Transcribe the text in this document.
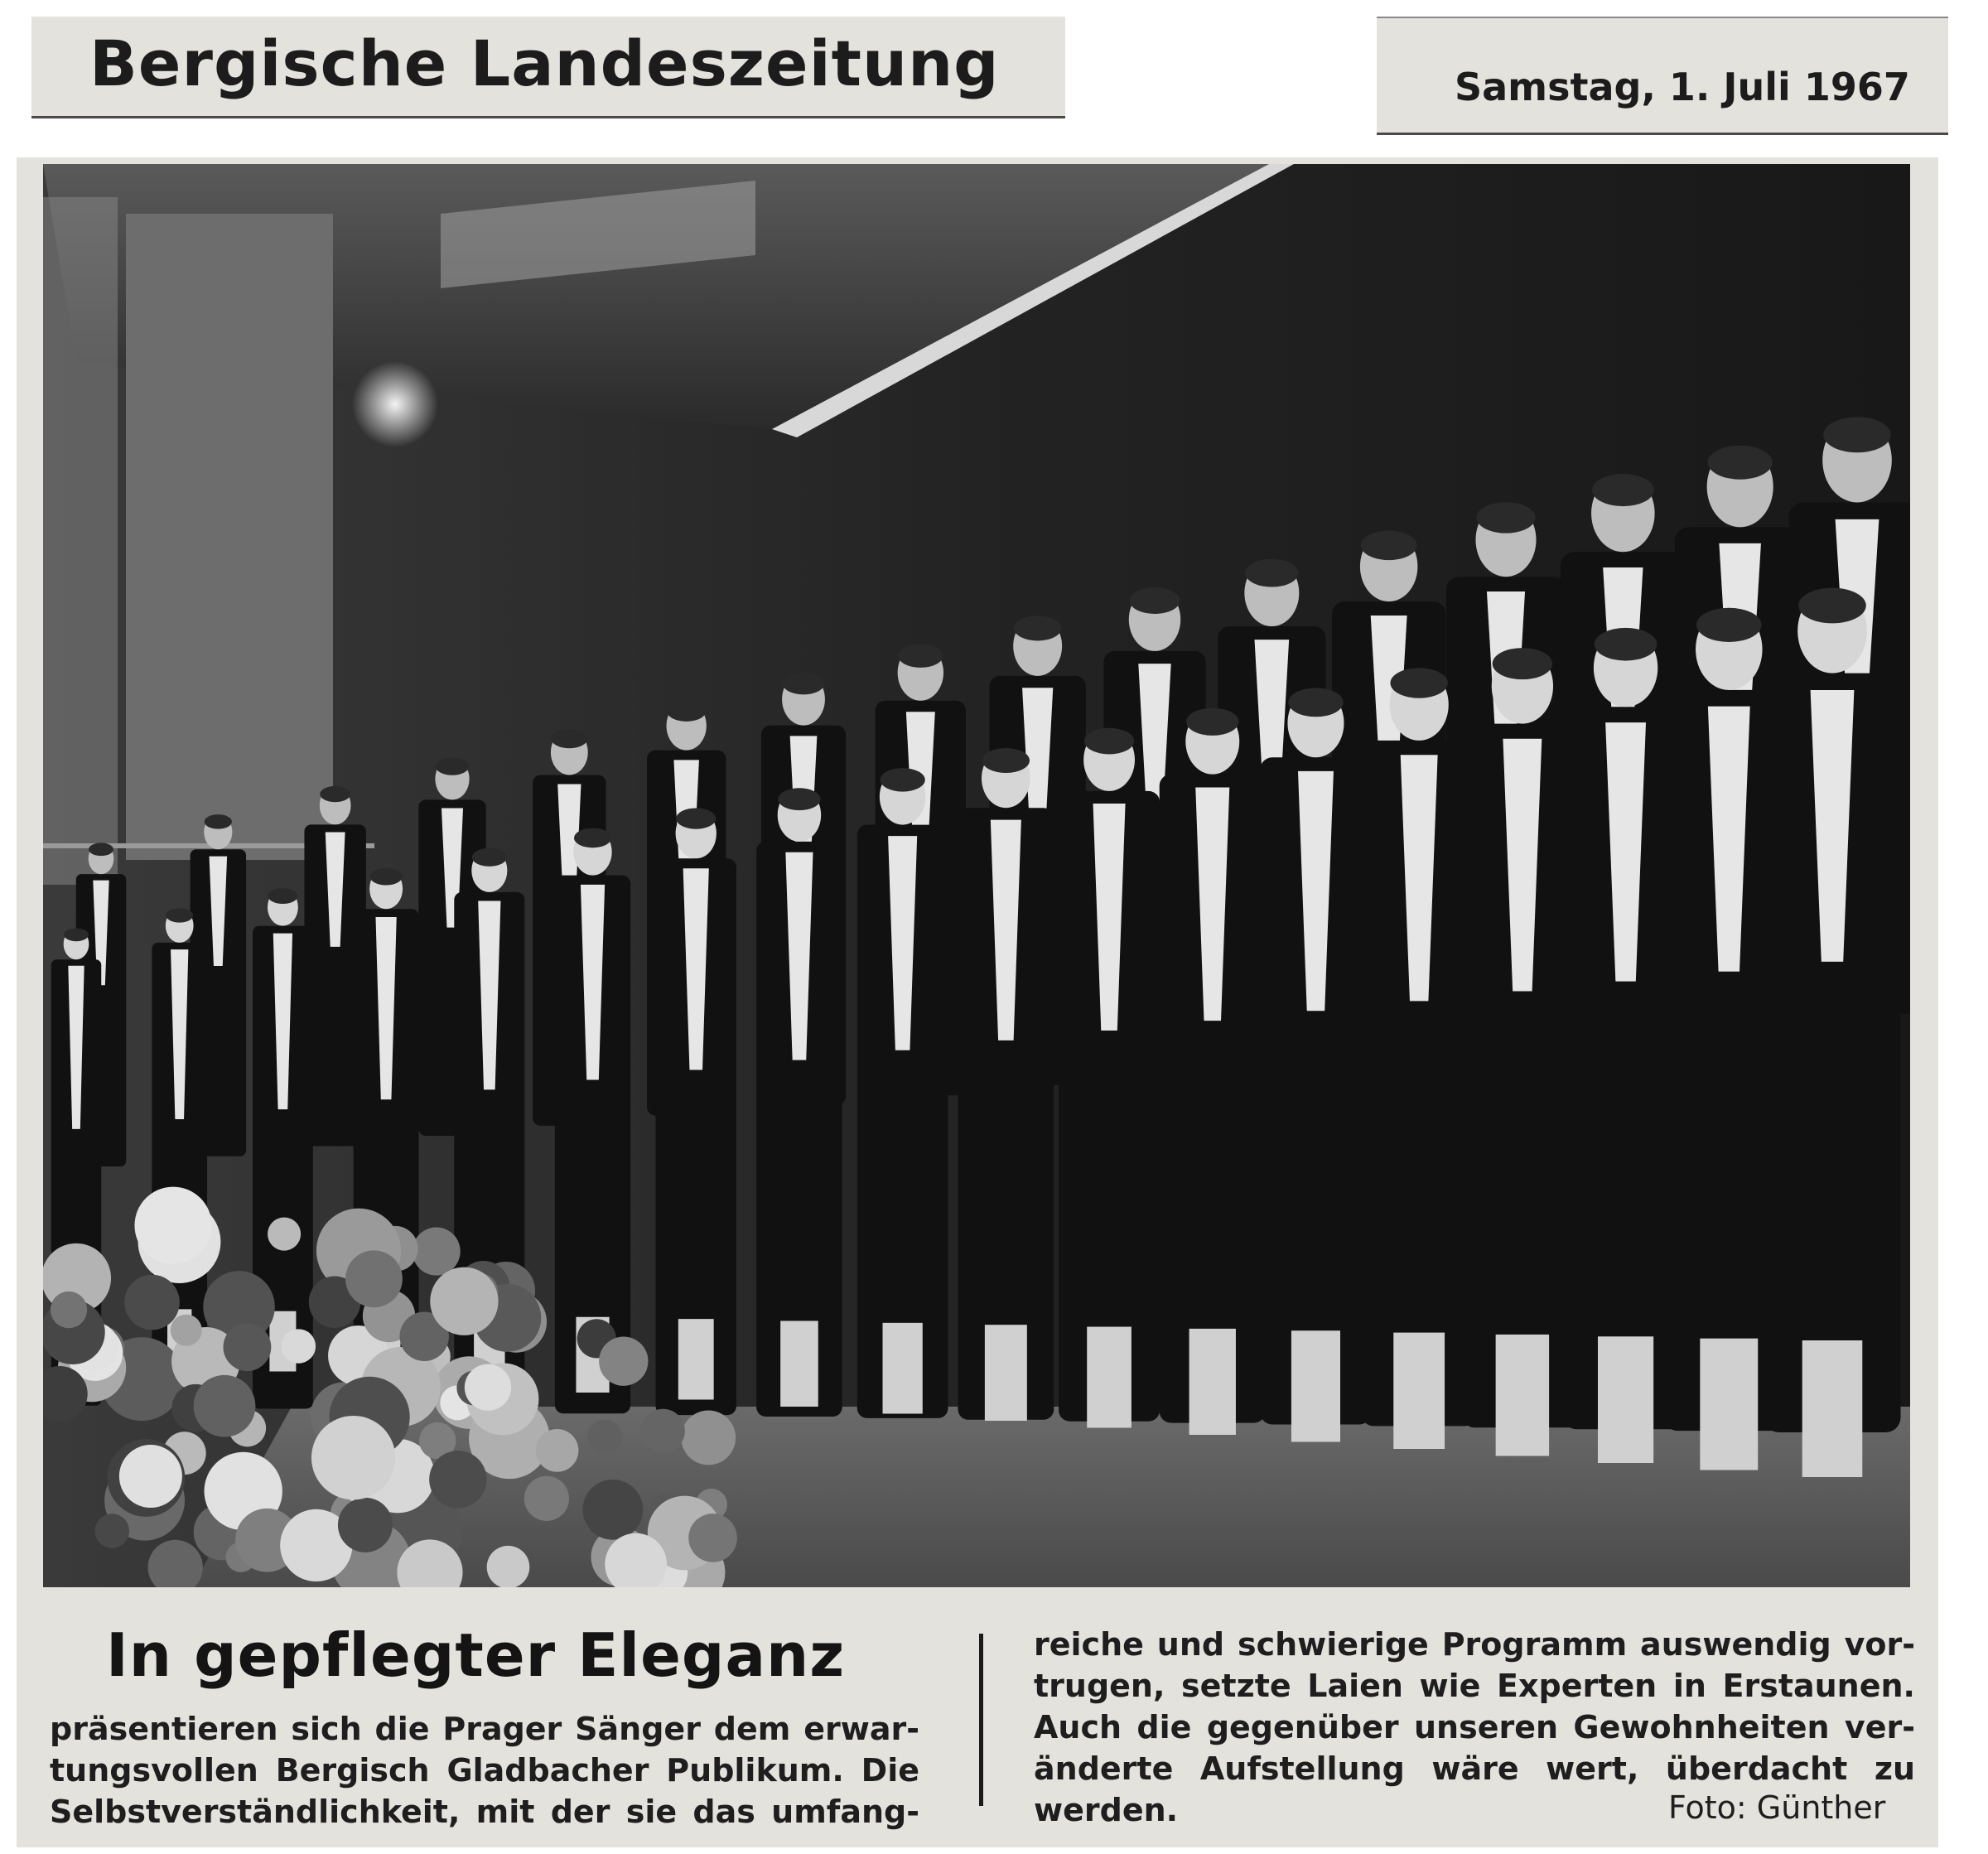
Bergische Landeszeitung	Samstag, 1. Juli 1967
In gepflegter Eleganz
präsentieren sich die Prager Sänger dem erwar-
tungsvollen Bergisch Gladbacher Publikum. Die
Selbstverständlichkeit, mit der sie das umfang-
reiche und schwierige Programm auswendig vor-
trugen, setzte Laien wie Experten in Erstaunen.
Auch die gegenüber unseren Gewohnheiten ver-
änderte Aufstellung wäre wert, überdacht zu
werden.	Foto: Günther
